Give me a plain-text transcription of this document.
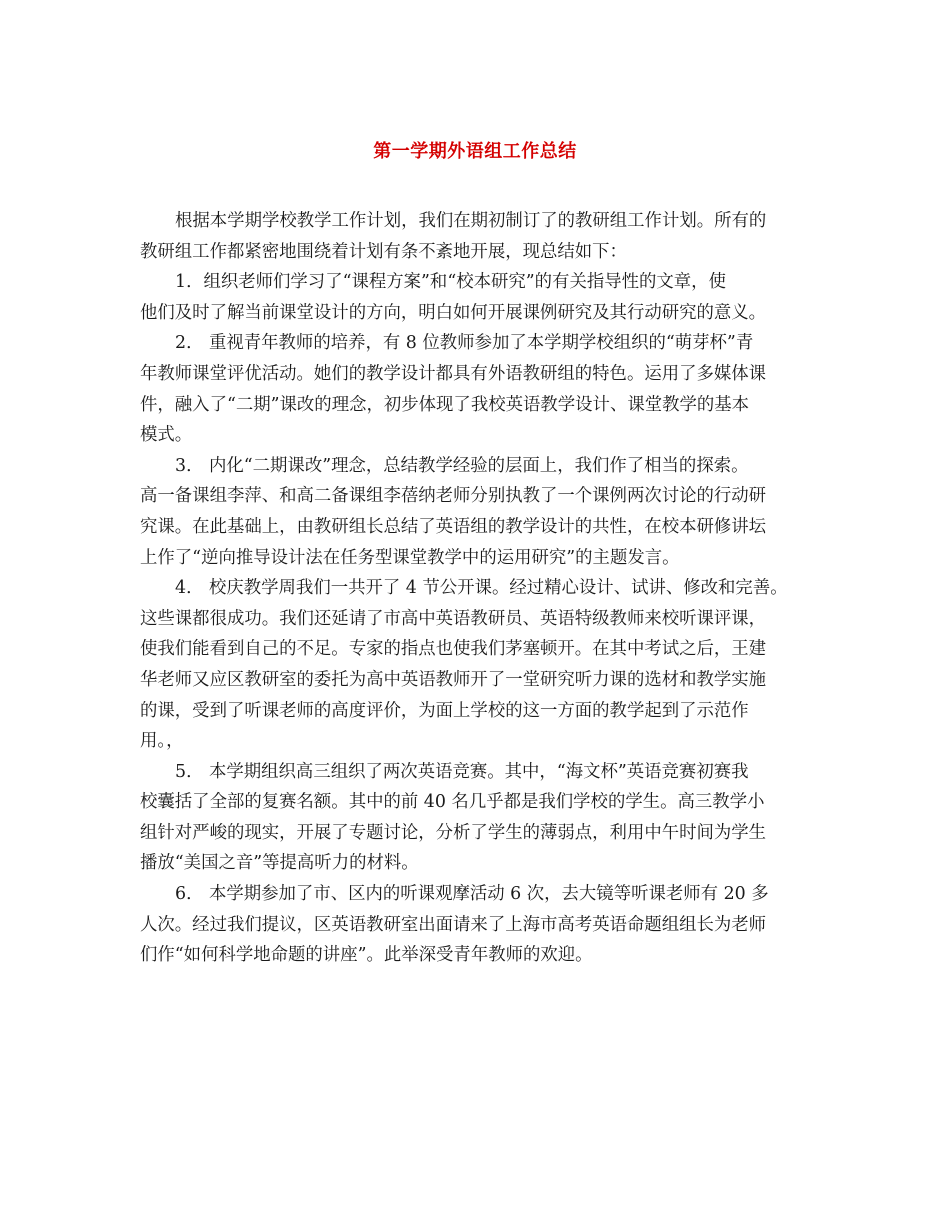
第一学期外语组工作总结
根据本学期学校教学工作计划，我们在期初制订了的教研组工作计划。所有的
教研组工作都紧密地围绕着计划有条不紊地开展，现总结如下：
1．组织老师们学习了“课程方案”和“校本研究”的有关指导性的文章，使
他们及时了解当前课堂设计的方向，明白如何开展课例研究及其行动研究的意义。
2． 重视青年教师的培养，有 8 位教师参加了本学期学校组织的“萌芽杯”青
年教师课堂评优活动。她们的教学设计都具有外语教研组的特色。运用了多媒体课
件，融入了“二期”课改的理念，初步体现了我校英语教学设计、课堂教学的基本
模式。
3． 内化“二期课改”理念，总结教学经验的层面上，我们作了相当的探索。
高一备课组李萍、和高二备课组李蓓纳老师分别执教了一个课例两次讨论的行动研
究课。在此基础上，由教研组长总结了英语组的教学设计的共性，在校本研修讲坛
上作了“逆向推导设计法在任务型课堂教学中的运用研究”的主题发言。
4． 校庆教学周我们一共开了 4 节公开课。经过精心设计、试讲、修改和完善。
这些课都很成功。我们还延请了市高中英语教研员、英语特级教师来校听课评课，
使我们能看到自己的不足。专家的指点也使我们茅塞顿开。在其中考试之后，王建
华老师又应区教研室的委托为高中英语教师开了一堂研究听力课的选材和教学实施
的课，受到了听课老师的高度评价，为面上学校的这一方面的教学起到了示范作
用。，
5． 本学期组织高三组织了两次英语竞赛。其中，“海文杯”英语竞赛初赛我
校囊括了全部的复赛名额。其中的前 40 名几乎都是我们学校的学生。高三教学小
组针对严峻的现实，开展了专题讨论，分析了学生的薄弱点，利用中午时间为学生
播放“美国之音”等提高听力的材料。
6． 本学期参加了市、区内的听课观摩活动 6 次，去大镜等听课老师有 20 多
人次。经过我们提议，区英语教研室出面请来了上海市高考英语命题组组长为老师
们作“如何科学地命题的讲座”。此举深受青年教师的欢迎。
